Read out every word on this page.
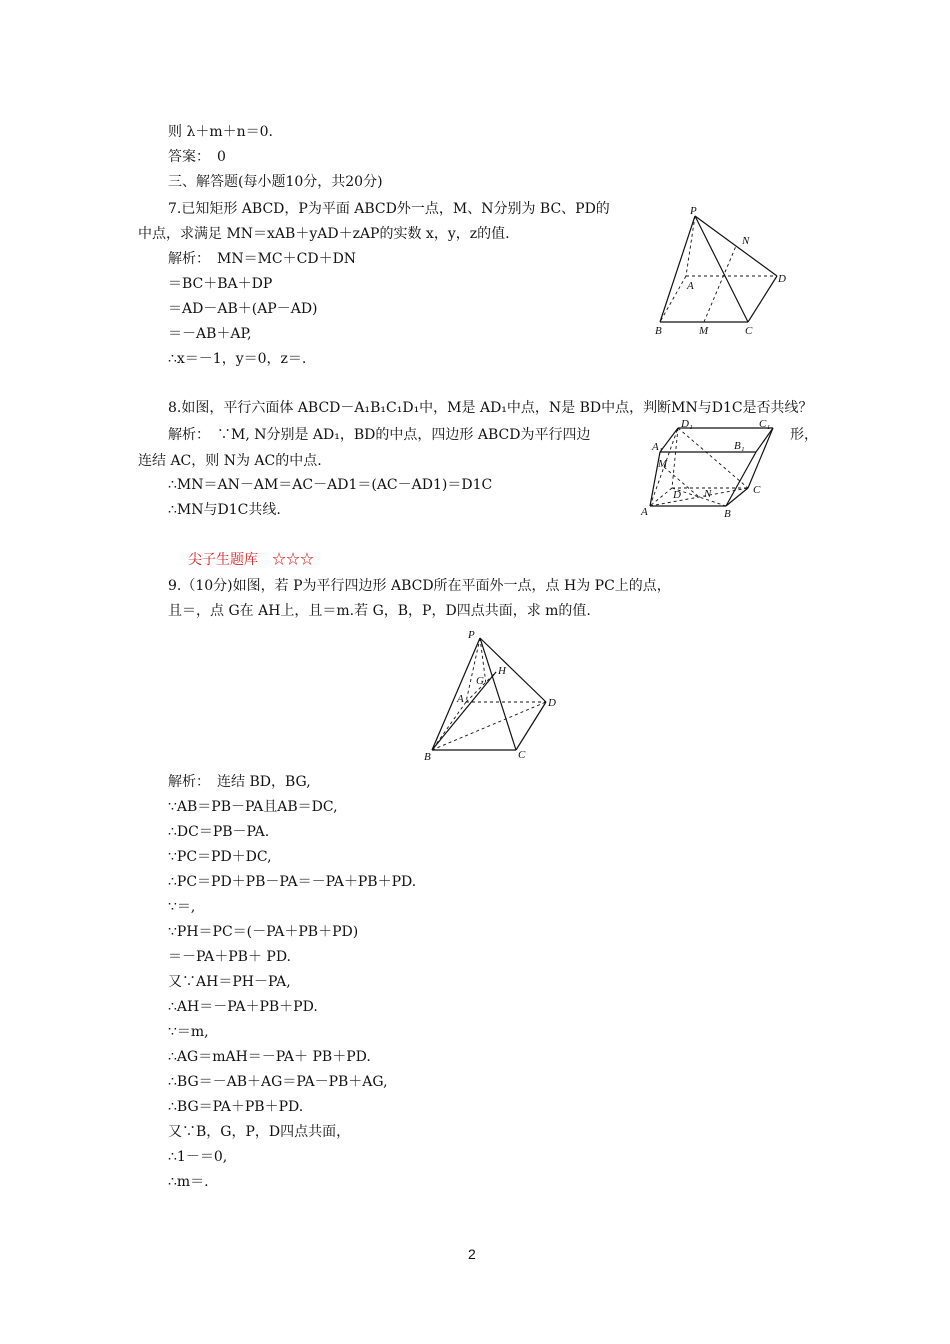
则 λ＋m＋n＝0.
答案：　0
三、解答题(每小题10分，共20分)
7.已知矩形 ABCD，P为平面 ABCD外一点，M、N分别为 BC、PD的
中点，求满足 MN＝xAB＋yAD＋zAP的实数 x，y，z的值.
解析：　MN＝MC＋CD＋DN
＝BC＋BA＋DP
＝AD－AB＋(AP－AD)
＝－AB＋AP,
∴x＝－1，y＝0，z＝.
P
N
A
D
B	M	C
8.如图，平行六面体 ABCD－A₁B₁C₁D₁中，M是 AD₁中点，N是 BD中点，判断MN与D1C是否共线？
解析：　∵M, N分别是 AD₁，BD的中点，四边形 ABCD为平行四边	形，
连结 AC，则 N为 AC的中点.
∴MN＝AN－AM＝AC－AD1＝(AC－AD1)＝D1C
∴MN与D1C共线.
D₁	C₁
A₁	B₁
M
D N	C
A	B
尖子生题库　☆☆☆
9.（10分)如图，若 P为平行四边形 ABCD所在平面外一点，点 H为 PC上的点，
且＝，点 G在 AH上，且＝m.若 G，B，P，D四点共面，求 m的值.
P
H
G
A	D
B	C
解析：　连结 BD，BG,
∵AB＝PB－PA且AB＝DC,
∴DC＝PB－PA.
∵PC＝PD＋DC,
∴PC＝PD＋PB－PA＝－PA＋PB＋PD.
∵＝,
∵PH＝PC＝(－PA＋PB＋PD)
＝－PA＋PB＋ PD.
又∵AH＝PH－PA,
∴AH＝－PA＋PB＋PD.
∵＝m,
∴AG＝mAH＝－PA＋ PB＋PD.
∴BG＝－AB＋AG＝PA－PB＋AG,
∴BG＝PA＋PB＋PD.
又∵B，G，P，D四点共面，
∴1－＝0,
∴m＝.
2
